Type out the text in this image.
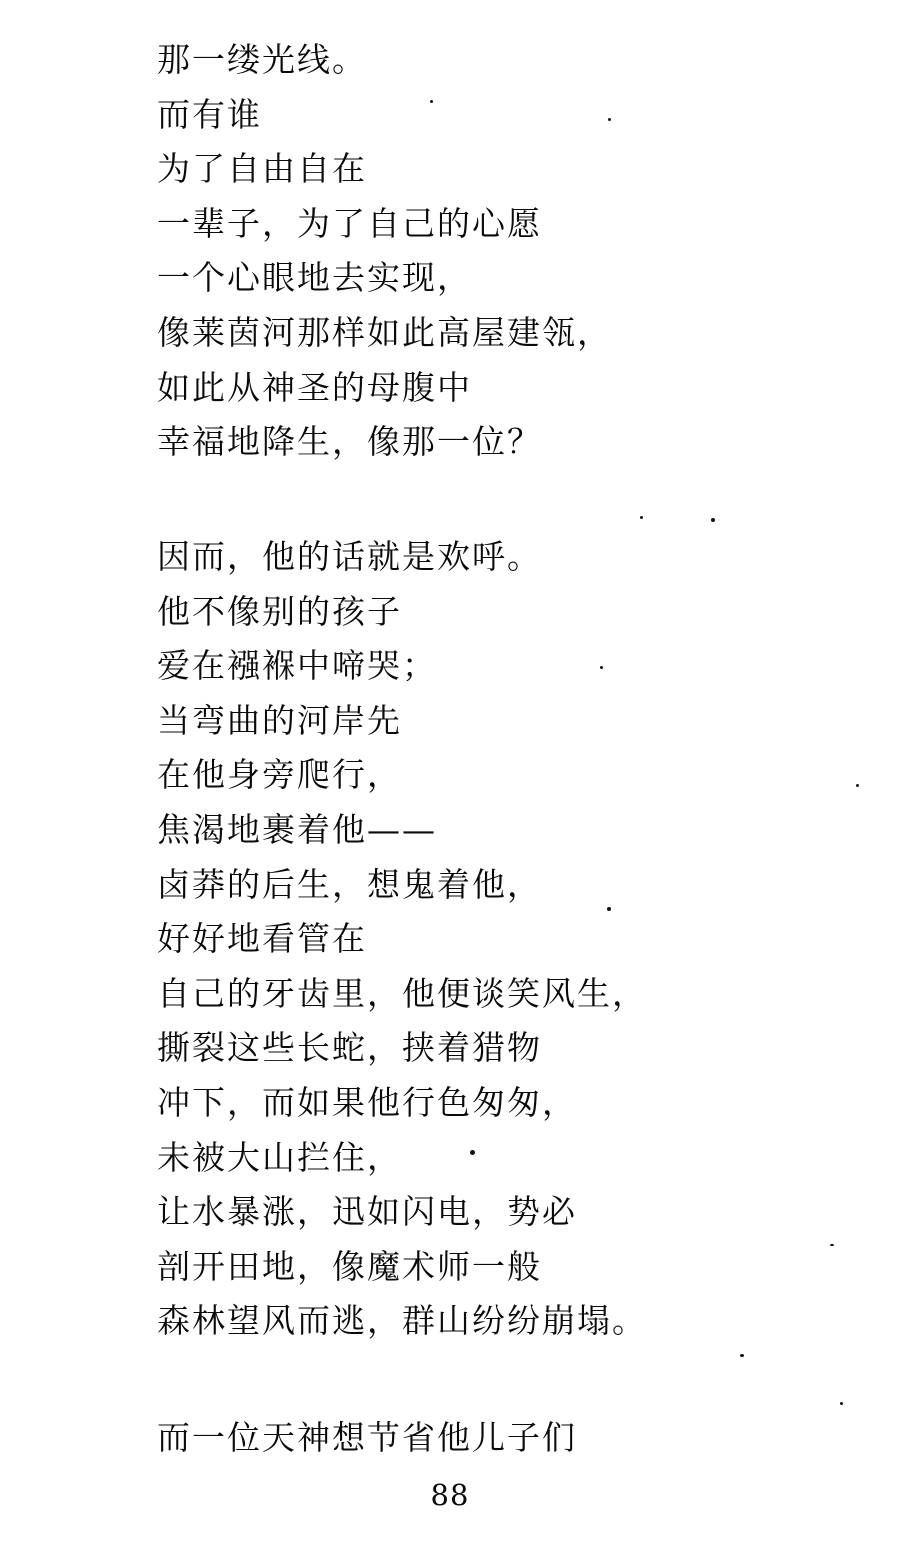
那一缕光线。
而有谁
为了自由自在
一辈子，为了自己的心愿
一个心眼地去实现，
像莱茵河那样如此高屋建瓴，
如此从神圣的母腹中
幸福地降生，像那一位？
因而，他的话就是欢呼。
他不像别的孩子
爱在襁褓中啼哭；
当弯曲的河岸先
在他身旁爬行，
焦渴地裹着他——
卤莽的后生，想鬼着他，
好好地看管在
自己的牙齿里，他便谈笑风生，
撕裂这些长蛇，挟着猎物
冲下，而如果他行色匆匆，
未被大山拦住，
让水暴涨，迅如闪电，势必
剖开田地，像魔术师一般
森林望风而逃，群山纷纷崩塌。
而一位天神想节省他儿子们
88
